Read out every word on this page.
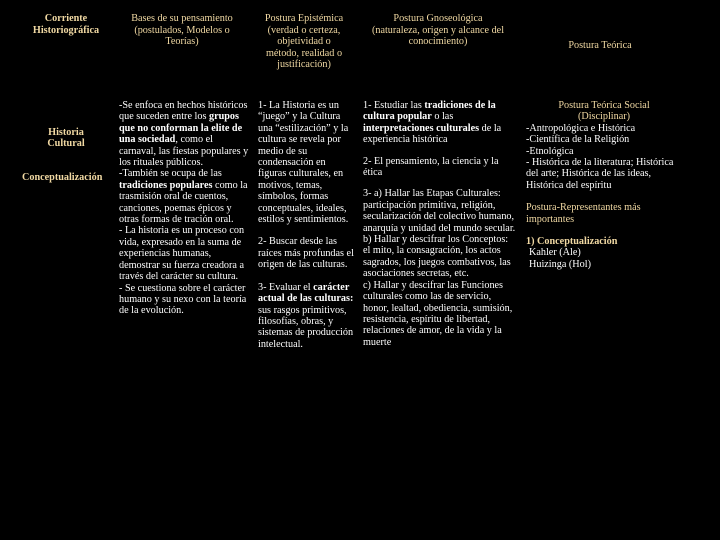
Corriente
Historiográfica
Historia
Cultural
Conceptualización
Bases de su pensamiento
(postulados, Modelos o
Teorías)
-Se enfoca en hechos históricos que suceden entre los grupos que no conforman la elite de una sociedad, como el carnaval, las fiestas populares y los rituales públicos.
-También se ocupa de las tradiciones populares como la trasmisión oral de cuentos, canciones, poemas épicos y otras formas de tración oral.
- La historia es un proceso con vida, expresado en la suma de experiencias humanas, demostrar su fuerza creadora a través del carácter su cultura.
- Se cuestiona sobre el carácter humano y su nexo con la teoría de la evolución.
Postura Epistémica
(verdad o certeza,
objetividad o
método, realidad o
justificación)
1- La Historia es un “juego” y la Cultura una “estilización” y la cultura se revela por medio de su condensación en figuras culturales, en motivos, temas, símbolos, formas conceptuales, ideales, estilos y sentimientos.
2- Buscar desde las raíces más profundas el origen de las culturas.
3- Evaluar el carácter actual de las culturas: sus rasgos primitivos, filosofías, obras, y sistemas de producción intelectual.
Postura Gnoseológica
(naturaleza, origen y alcance del
conocimiento)
1- Estudiar las tradiciones de la cultura popular o las interpretaciones culturales de la experiencia histórica
2- El pensamiento, la ciencia y la ética
3- a) Hallar las Etapas Culturales: participación primitiva, religión, secularización del colectivo humano, anarquía y unidad del mundo secular.
b) Hallar y descifrar los Conceptos: el mito, la consagración, los actos sagrados, los juegos combativos, las asociaciones secretas, etc.
c) Hallar y descifrar las Funciones culturales como las de servicio, honor, lealtad, obediencia, sumisión, resistencia, espíritu de libertad, relaciones de amor, de la vida y la muerte
Postura Teórica
Postura Teórica Social
(Disciplinar)
-Antropológica e Histórica
-Científica de la Religión
-Etnológica
- Histórica de la literatura; Histórica del arte; Histórica de las ideas, Histórica del espíritu
Postura-Representantes más importantes
1) Conceptualización
Kahler (Ale)
Huizinga (Hol)
